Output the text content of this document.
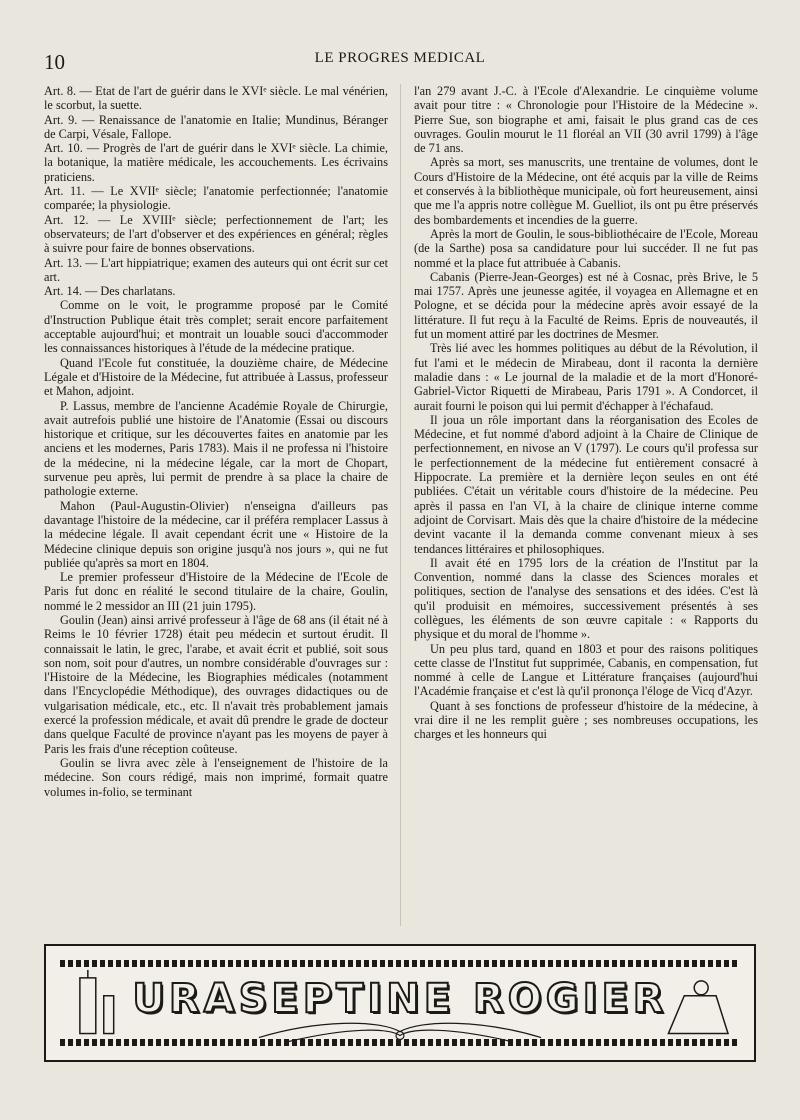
10	LE PROGRES MEDICAL

Art. 8. — Etat de l'art de guérir dans le XVIᵉ siècle. Le mal vénérien, le scorbut, la suette.

Art. 9. — Renaissance de l'anatomie en Italie; Mundinus, Béranger de Carpi, Vésale, Fallope.

Art. 10. — Progrès de l'art de guérir dans le XVIᵉ siècle. La chimie, la botanique, la matière médicale, les accouchements. Les écrivains praticiens.

Art. 11. — Le XVIIᵉ siècle; l'anatomie perfectionnée; l'anatomie comparée; la physiologie.

Art. 12. — Le XVIIIᵉ siècle; perfectionnement de l'art; les observateurs; de l'art d'observer et des expériences en général; règles à suivre pour faire de bonnes observations.

Art. 13. — L'art hippiatrique; examen des auteurs qui ont écrit sur cet art.

Art. 14. — Des charlatans.

Comme on le voit, le programme proposé par le Comité d'Instruction Publique était très complet; serait encore parfaitement acceptable aujourd'hui; et montrait un louable souci d'accommoder les connaissances historiques à l'étude de la médecine pratique.

Quand l'Ecole fut constituée, la douzième chaire, de Médecine Légale et d'Histoire de la Médecine, fut attribuée à Lassus, professeur et Mahon, adjoint.

P. Lassus, membre de l'ancienne Académie Royale de Chirurgie, avait autrefois publié une histoire de l'Anatomie (Essai ou discours historique et critique, sur les découvertes faites en anatomie par les anciens et les modernes, Paris 1783). Mais il ne professa ni l'histoire de la médecine, ni la médecine légale, car la mort de Chopart, survenue peu après, lui permit de prendre à sa place la chaire de pathologie externe.

Mahon (Paul-Augustin-Olivier) n'enseigna d'ailleurs pas davantage l'histoire de la médecine, car il préféra remplacer Lassus à la médecine légale. Il avait cependant écrit une « Histoire de la Médecine clinique depuis son origine jusqu'à nos jours », qui ne fut publiée qu'après sa mort en 1804.

Le premier professeur d'Histoire de la Médecine de l'Ecole de Paris fut donc en réalité le second titulaire de la chaire, Goulin, nommé le 2 messidor an III (21 juin 1795).

Goulin (Jean) ainsi arrivé professeur à l'âge de 68 ans (il était né à Reims le 10 février 1728) était peu médecin et surtout érudit. Il connaissait le latin, le grec, l'arabe, et avait écrit et publié, soit sous son nom, soit pour d'autres, un nombre considérable d'ouvrages sur : l'Histoire de la Médecine, les Biographies médicales (notamment dans l'Encyclopédie Méthodique), des ouvrages didactiques ou de vulgarisation médicale, etc., etc. Il n'avait très probablement jamais exercé la profession médicale, et avait dû prendre le grade de docteur dans quelque Faculté de province n'ayant pas les moyens de payer à Paris les frais d'une réception coûteuse.

Goulin se livra avec zèle à l'enseignement de l'histoire de la médecine. Son cours rédigé, mais non imprimé, formait quatre volumes in-folio, se terminant

l'an 279 avant J.-C. à l'Ecole d'Alexandrie. Le cinquième volume avait pour titre : « Chronologie pour l'Histoire de la Médecine ». Pierre Sue, son biographe et ami, faisait le plus grand cas de ces ouvrages. Goulin mourut le 11 floréal an VII (30 avril 1799) à l'âge de 71 ans.

Après sa mort, ses manuscrits, une trentaine de volumes, dont le Cours d'Histoire de la Médecine, ont été acquis par la ville de Reims et conservés à la bibliothèque municipale, où fort heureusement, ainsi que me l'a appris notre collègue M. Guelliot, ils ont pu être préservés des bombardements et incendies de la guerre.

Après la mort de Goulin, le sous-bibliothécaire de l'Ecole, Moreau (de la Sarthe) posa sa candidature pour lui succéder. Il ne fut pas nommé et la place fut attribuée à Cabanis.

Cabanis (Pierre-Jean-Georges) est né à Cosnac, près Brive, le 5 mai 1757. Après une jeunesse agitée, il voyagea en Allemagne et en Pologne, et se décida pour la médecine après avoir essayé de la littérature. Il fut reçu à la Faculté de Reims. Epris de nouveautés, il fut un moment attiré par les doctrines de Mesmer.

Très lié avec les hommes politiques au début de la Révolution, il fut l'ami et le médecin de Mirabeau, dont il raconta la dernière maladie dans : « Le journal de la maladie et de la mort d'Honoré-Gabriel-Victor Riquetti de Mirabeau, Paris 1791 ». A Condorcet, il aurait fourni le poison qui lui permit d'échapper à l'échafaud.

Il joua un rôle important dans la réorganisation des Ecoles de Médecine, et fut nommé d'abord adjoint à la Chaire de Clinique de perfectionnement, en nivose an V (1797). Le cours qu'il professa sur le perfectionnement de la médecine fut entièrement consacré à Hippocrate. La première et la dernière leçon seules en ont été publiées. C'était un véritable cours d'histoire de la médecine. Peu après il passa en l'an VI, à la chaire de clinique interne comme adjoint de Corvisart. Mais dès que la chaire d'histoire de la médecine devint vacante il la demanda comme convenant mieux à ses tendances littéraires et philosophiques.

Il avait été en 1795 lors de la création de l'Institut par la Convention, nommé dans la classe des Sciences morales et politiques, section de l'analyse des sensations et des idées. C'est là qu'il produisit en mémoires, successivement présentés à ses collègues, les éléments de son œuvre capitale : « Rapports du physique et du moral de l'homme ».

Un peu plus tard, quand en 1803 et pour des raisons politiques cette classe de l'Institut fut supprimée, Cabanis, en compensation, fut nommé à celle de Langue et Littérature françaises (aujourd'hui l'Académie française et c'est là qu'il prononça l'éloge de Vicq d'Azyr.

Quant à ses fonctions de professeur d'histoire de la médecine, à vrai dire il ne les remplit guère ; ses nombreuses occupations, les charges et les honneurs qui

URASEPTINE ROGIER
